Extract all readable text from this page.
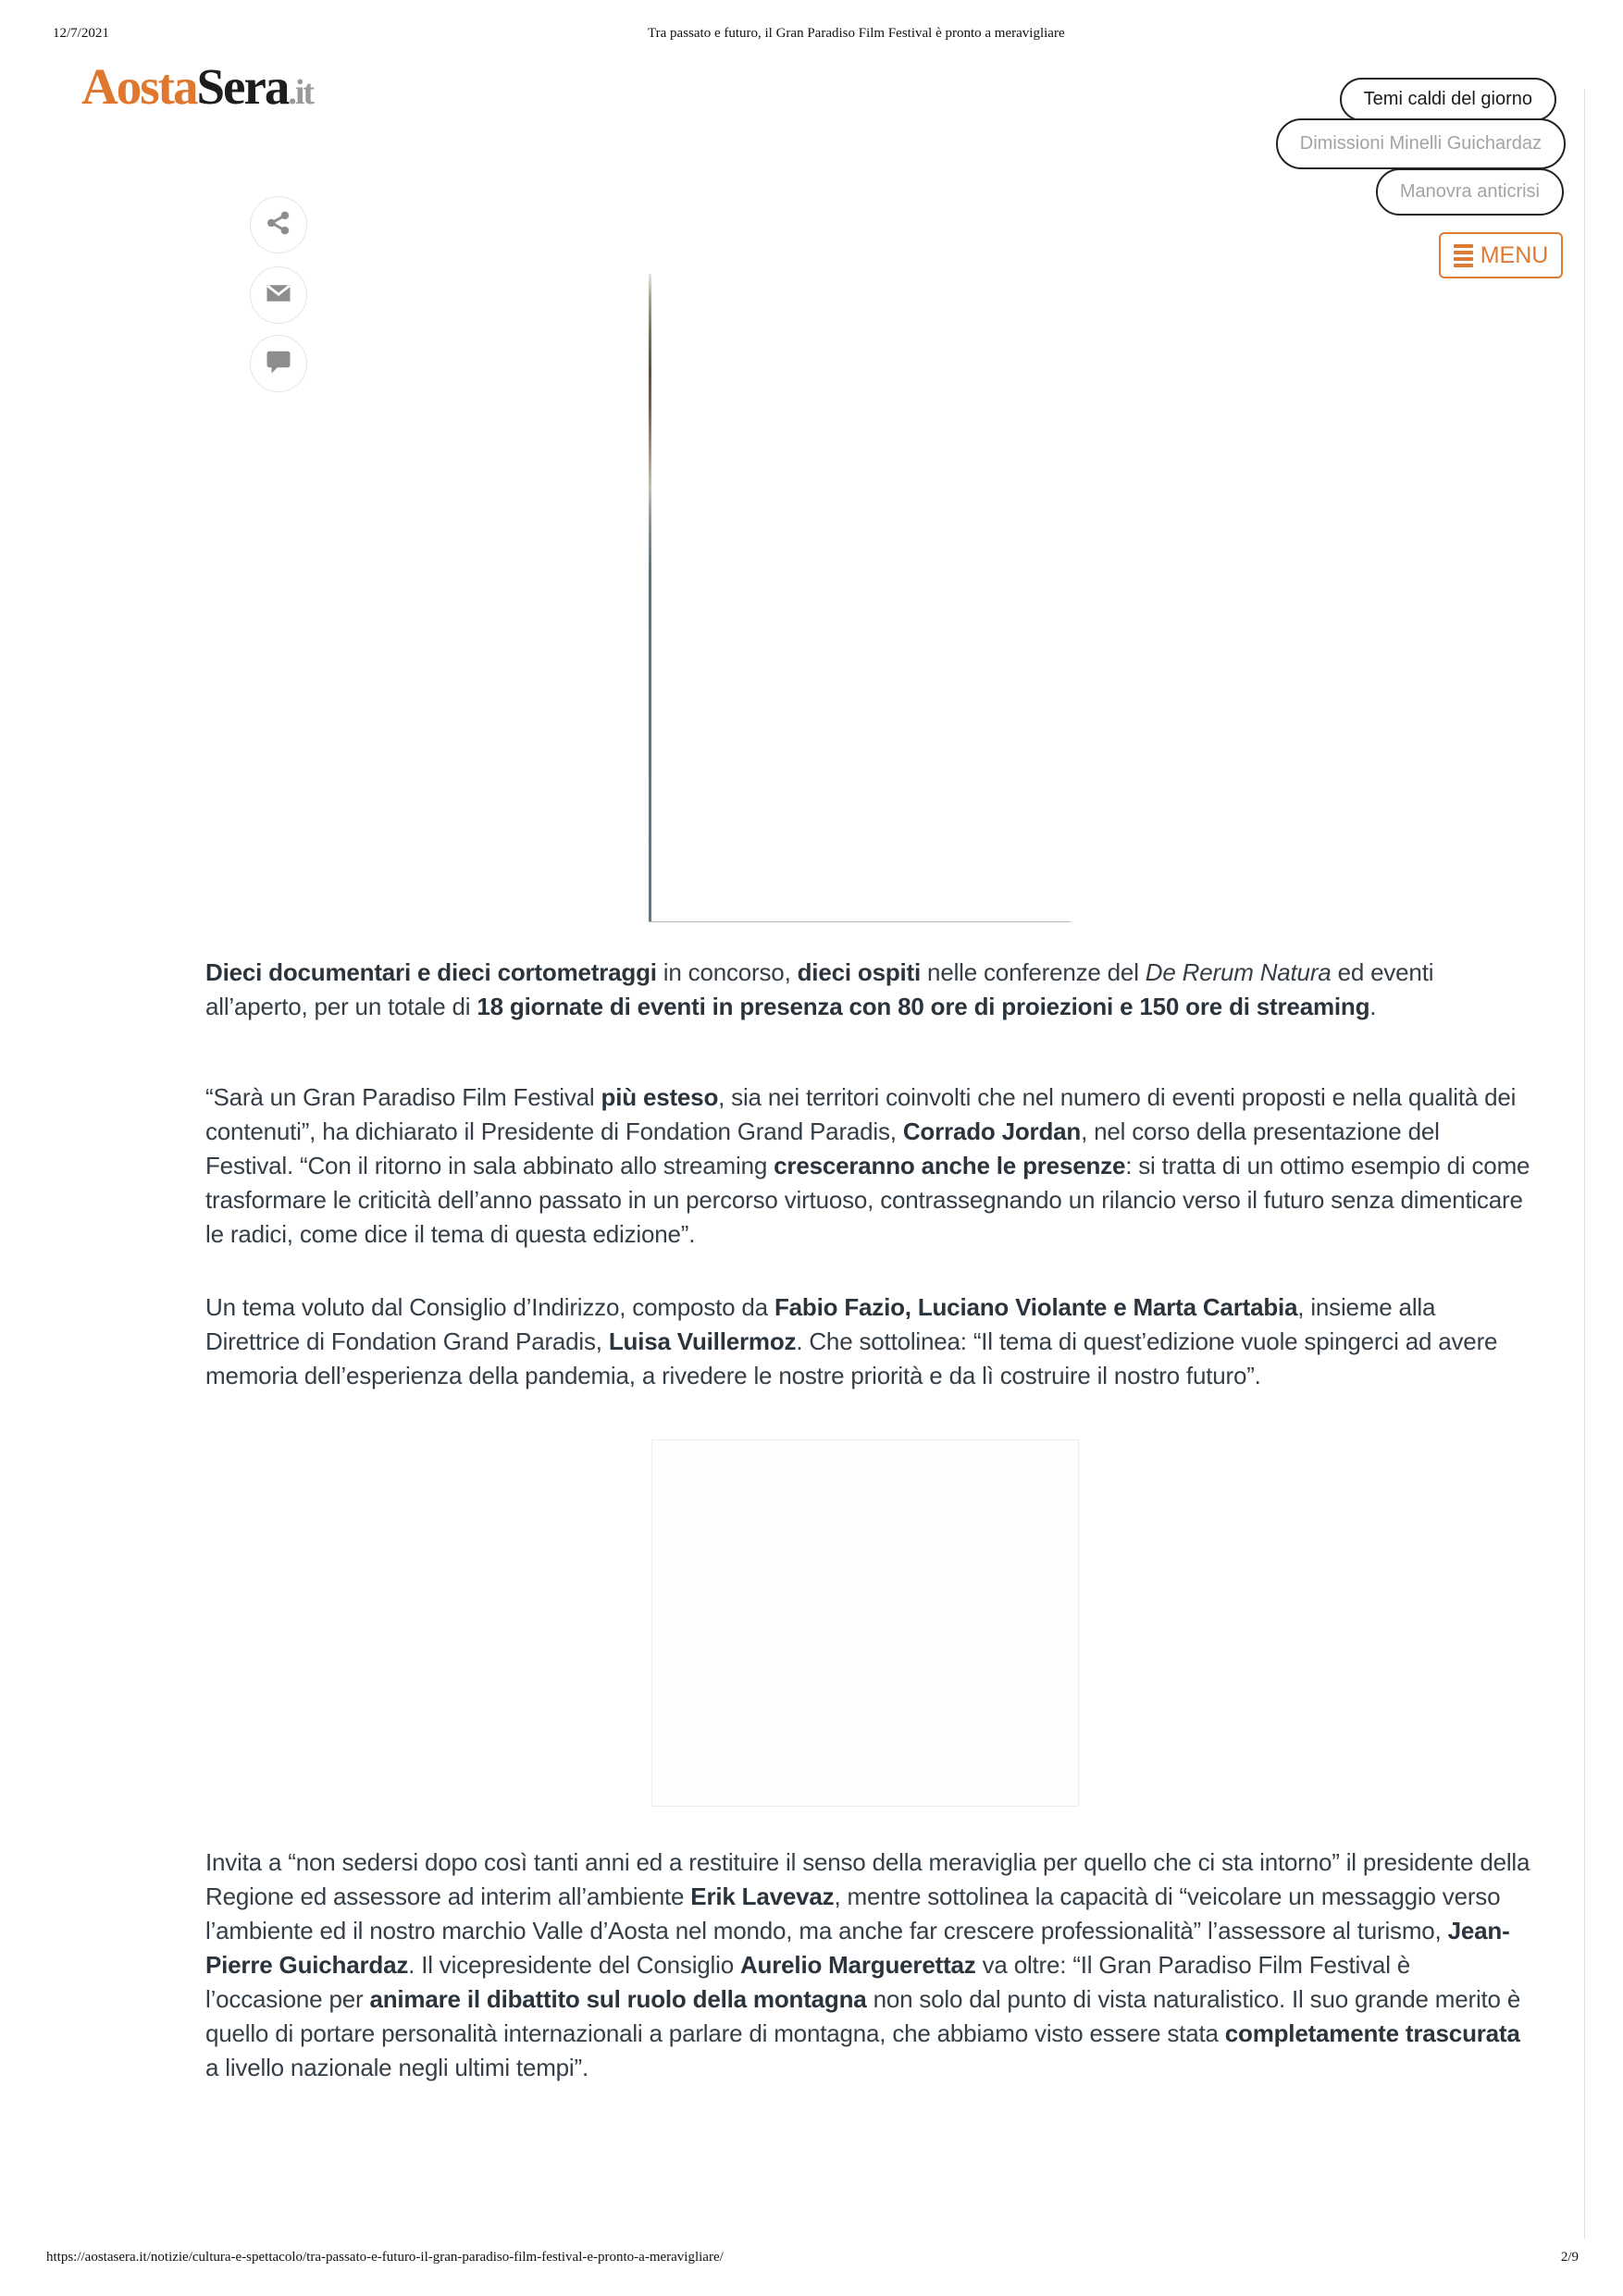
12/7/2021	Tra passato e futuro, il Gran Paradiso Film Festival è pronto a meravigliare
AostaSera.it	Temi caldi del giorno
Dimissioni Minelli Guichardaz
Manovra anticrisi
MENU

Dieci documentari e dieci cortometraggi in concorso, dieci ospiti nelle conferenze del De Rerum Natura ed eventi all’aperto, per un totale di 18 giornate di eventi in presenza con 80 ore di proiezioni e 150 ore di streaming.

“Sarà un Gran Paradiso Film Festival più esteso, sia nei territori coinvolti che nel numero di eventi proposti e nella qualità dei contenuti”, ha dichiarato il Presidente di Fondation Grand Paradis, Corrado Jordan, nel corso della presentazione del Festival. “Con il ritorno in sala abbinato allo streaming cresceranno anche le presenze: si tratta di un ottimo esempio di come trasformare le criticità dell’anno passato in un percorso virtuoso, contrassegnando un rilancio verso il futuro senza dimenticare le radici, come dice il tema di questa edizione”.

Un tema voluto dal Consiglio d’Indirizzo, composto da Fabio Fazio, Luciano Violante e Marta Cartabia, insieme alla Direttrice di Fondation Grand Paradis, Luisa Vuillermoz. Che sottolinea: “Il tema di quest’edizione vuole spingerci ad avere memoria dell’esperienza della pandemia, a rivedere le nostre priorità e da lì costruire il nostro futuro”.

Invita a “non sedersi dopo così tanti anni ed a restituire il senso della meraviglia per quello che ci sta intorno” il presidente della Regione ed assessore ad interim all’ambiente Erik Lavevaz, mentre sottolinea la capacità di “veicolare un messaggio verso l’ambiente ed il nostro marchio Valle d’Aosta nel mondo, ma anche far crescere professionalità” l’assessore al turismo, Jean-Pierre Guichardaz. Il vicepresidente del Consiglio Aurelio Marguerettaz va oltre: “Il Gran Paradiso Film Festival è l’occasione per animare il dibattito sul ruolo della montagna non solo dal punto di vista naturalistico. Il suo grande merito è quello di portare personalità internazionali a parlare di montagna, che abbiamo visto essere stata completamente trascurata a livello nazionale negli ultimi tempi”.

https://aostasera.it/notizie/cultura-e-spettacolo/tra-passato-e-futuro-il-gran-paradiso-film-festival-e-pronto-a-meravigliare/	2/9
